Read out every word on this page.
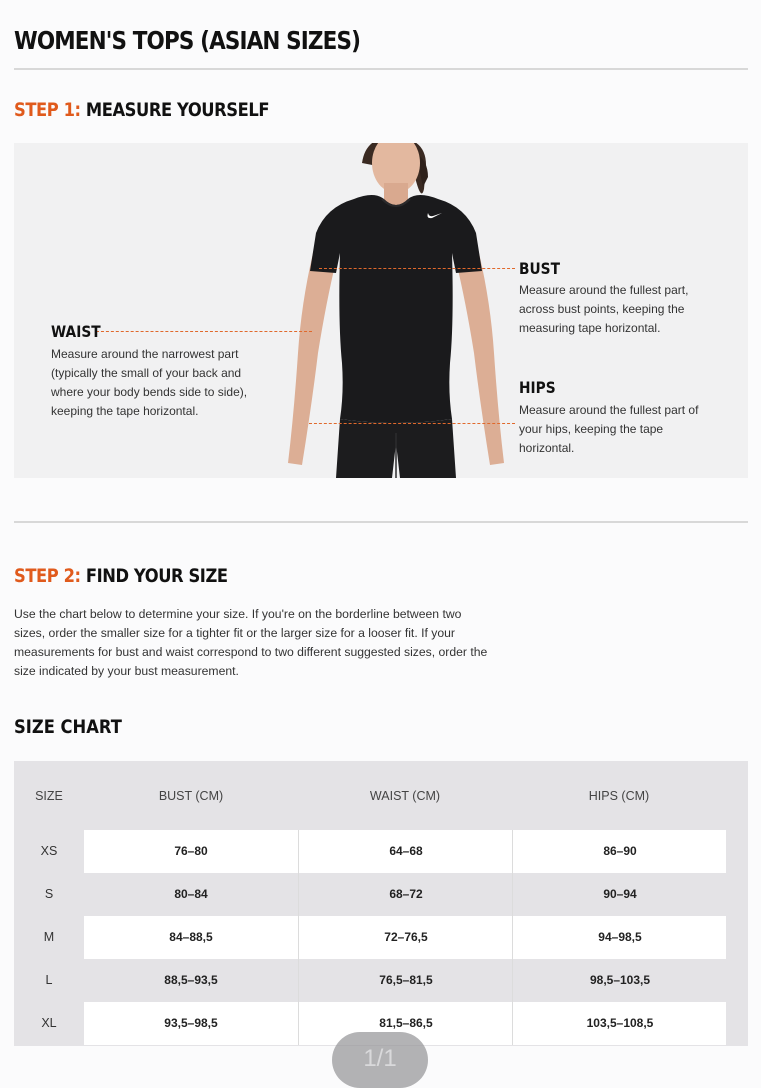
WOMEN'S TOPS (ASIAN SIZES)
STEP 1: MEASURE YOURSELF

BUST

Measure around the fullest part, across bust points, keeping the measuring tape horizontal.

WAIST

Measure around the narrowest part (typically the small of your back and where your body bends side to side), keeping the tape horizontal.

HIPS

Measure around the fullest part of your hips, keeping the tape horizontal.

STEP 2: FIND YOUR SIZE

Use the chart below to determine your size. If you're on the borderline between two sizes, order the smaller size for a tighter fit or the larger size for a looser fit. If your measurements for bust and waist correspond to two different suggested sizes, order the size indicated by your bust measurement.

SIZE CHART
SIZE	BUST (CM)	WAIST (CM)	HIPS (CM)
XS	76–80	64–68	86–90
S	80–84	68–72	90–94
M	84–88,5	72–76,5	94–98,5
L	88,5–93,5	76,5–81,5	98,5–103,5
XL	93,5–98,5	81,5–86,5	103,5–108,5
1/1
